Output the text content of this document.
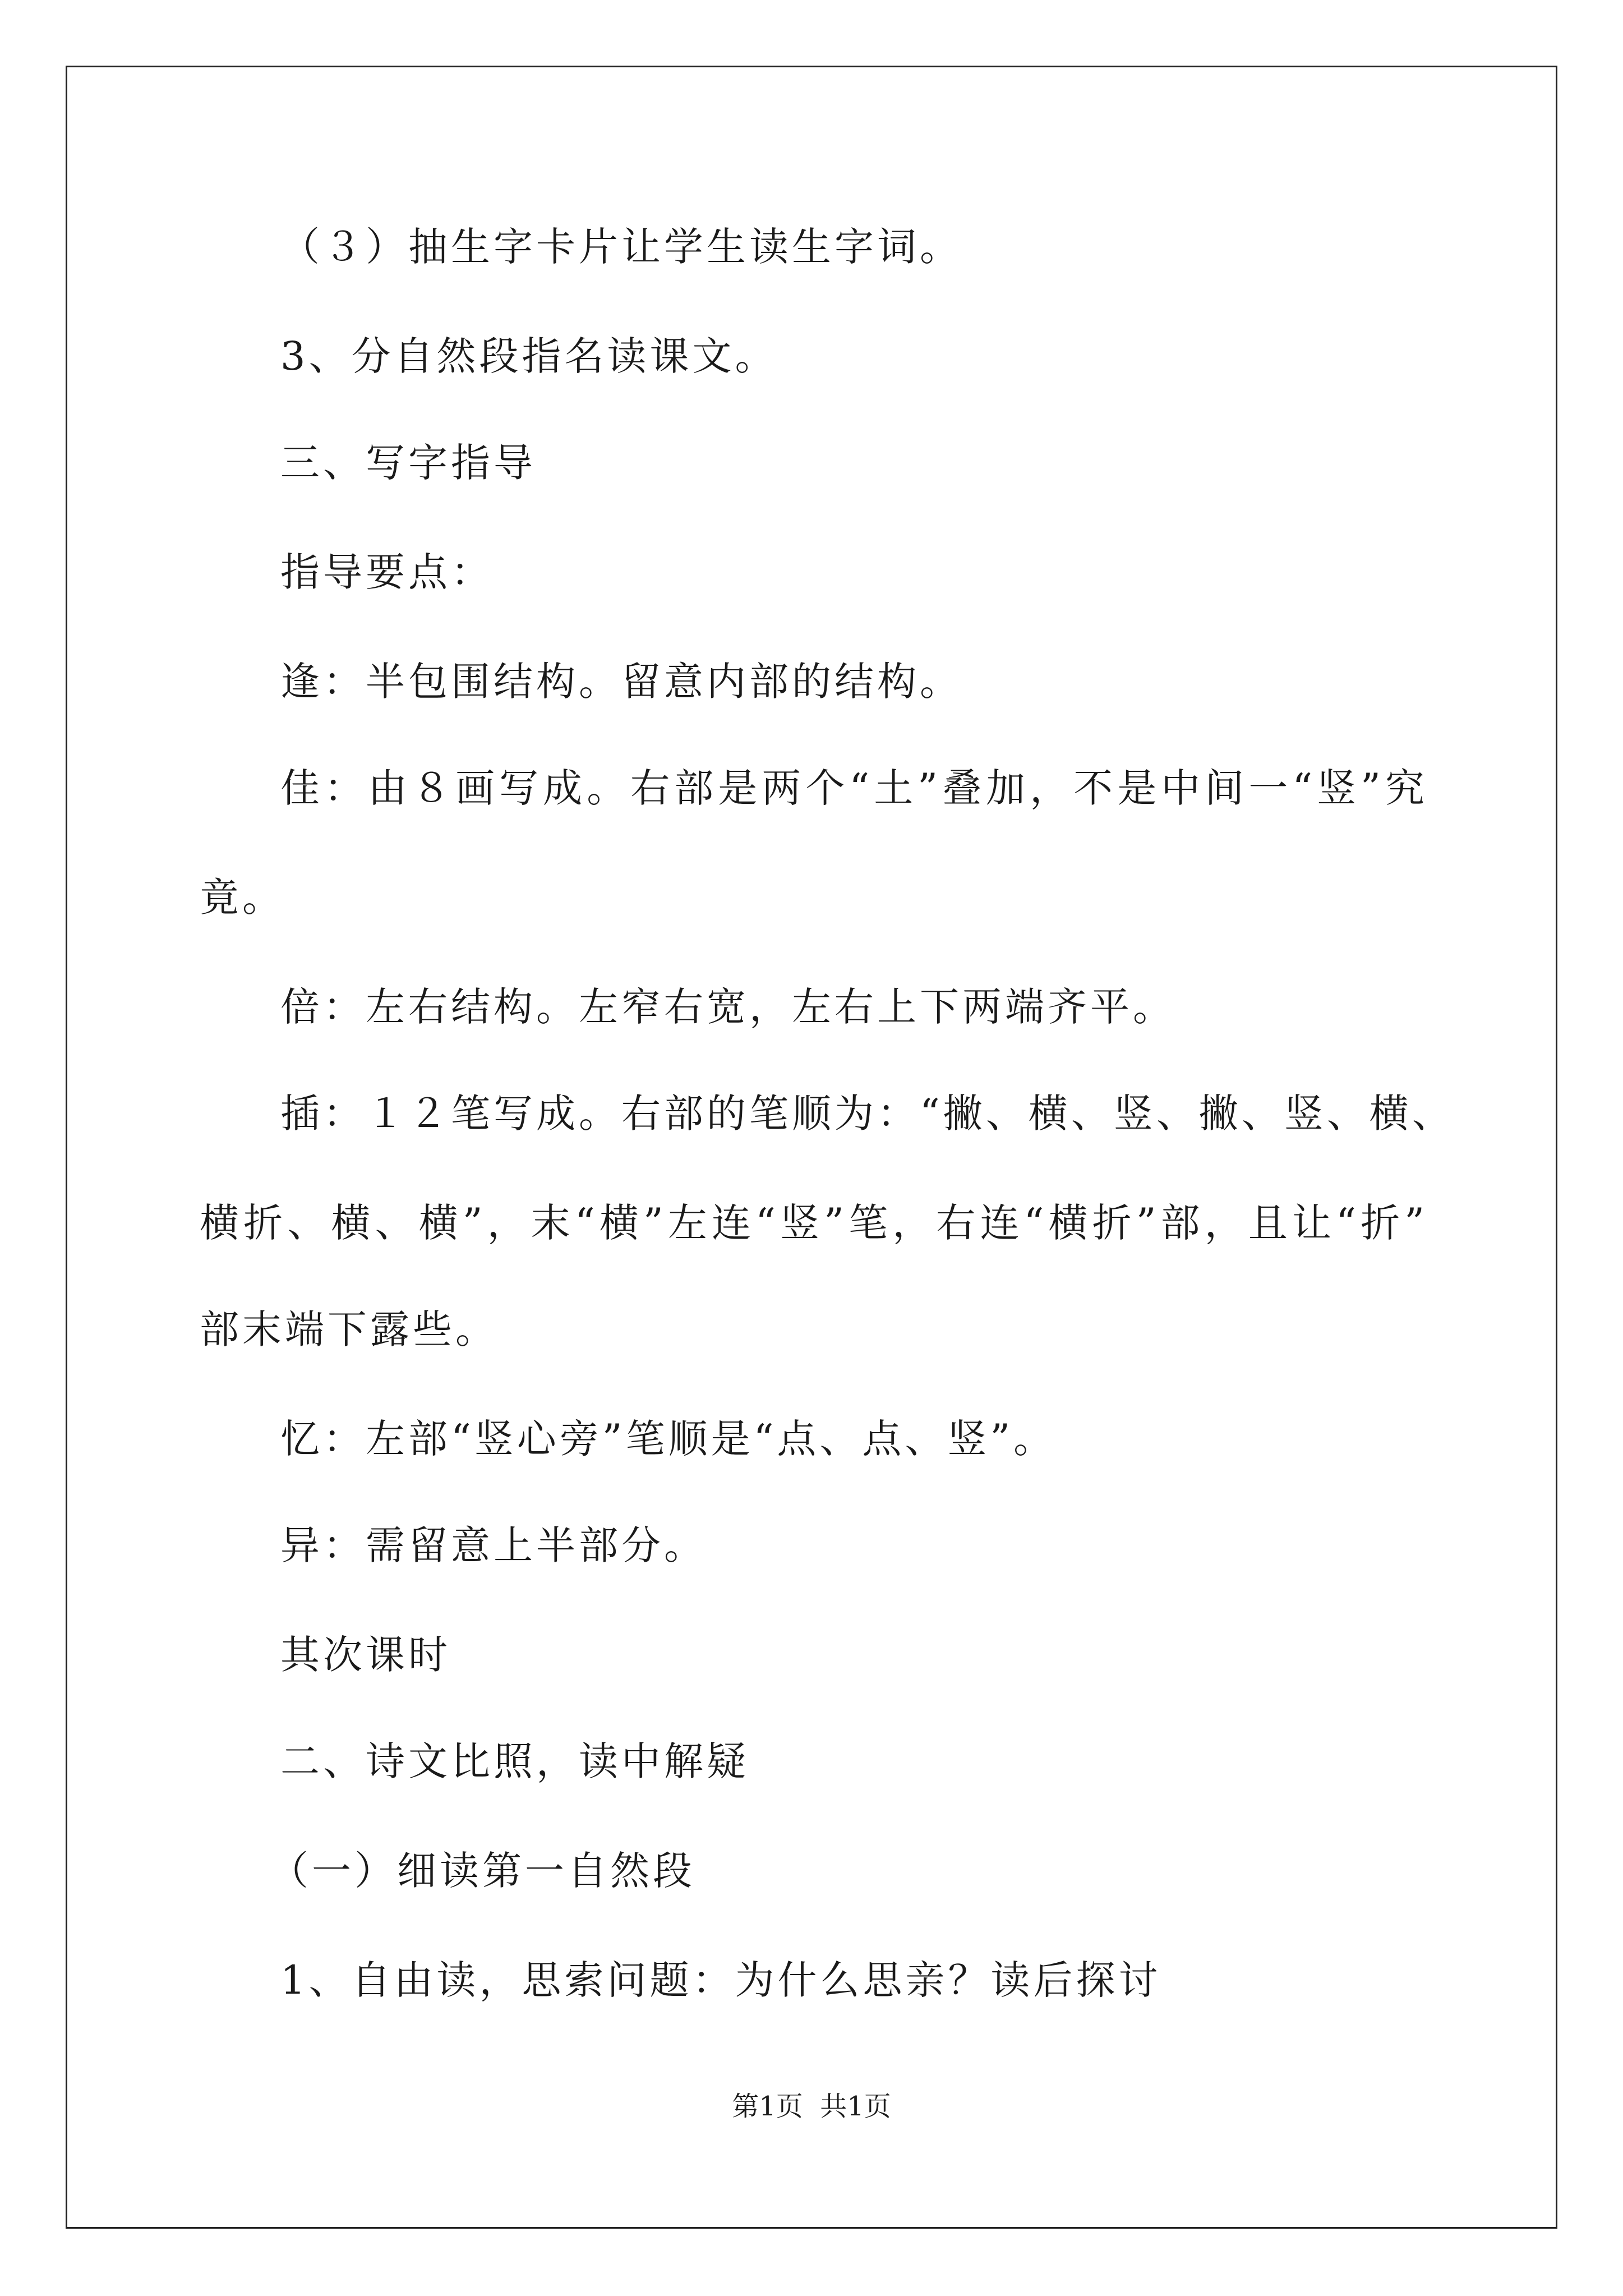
（３）抽生字卡片让学生读生字词。
3、分自然段指名读课文。
三、写字指导
指导要点：
逢：半包围结构。留意内部的结构。
佳：由８画写成。右部是两个“土”叠加，不是中间一“竖”究
竟。
倍：左右结构。左窄右宽，左右上下两端齐平。
插：１２笔写成。右部的笔顺为：“撇、横、竖、撇、竖、横、
横折、横、横”，末“横”左连“竖”笔，右连“横折”部，且让“折”
部末端下露些。
忆：左部“竖心旁”笔顺是“点、点、竖”。
异：需留意上半部分。
其次课时
二、诗文比照，读中解疑
（一）细读第一自然段
1、自由读，思索问题：为什么思亲？读后探讨
第1页  共1页
